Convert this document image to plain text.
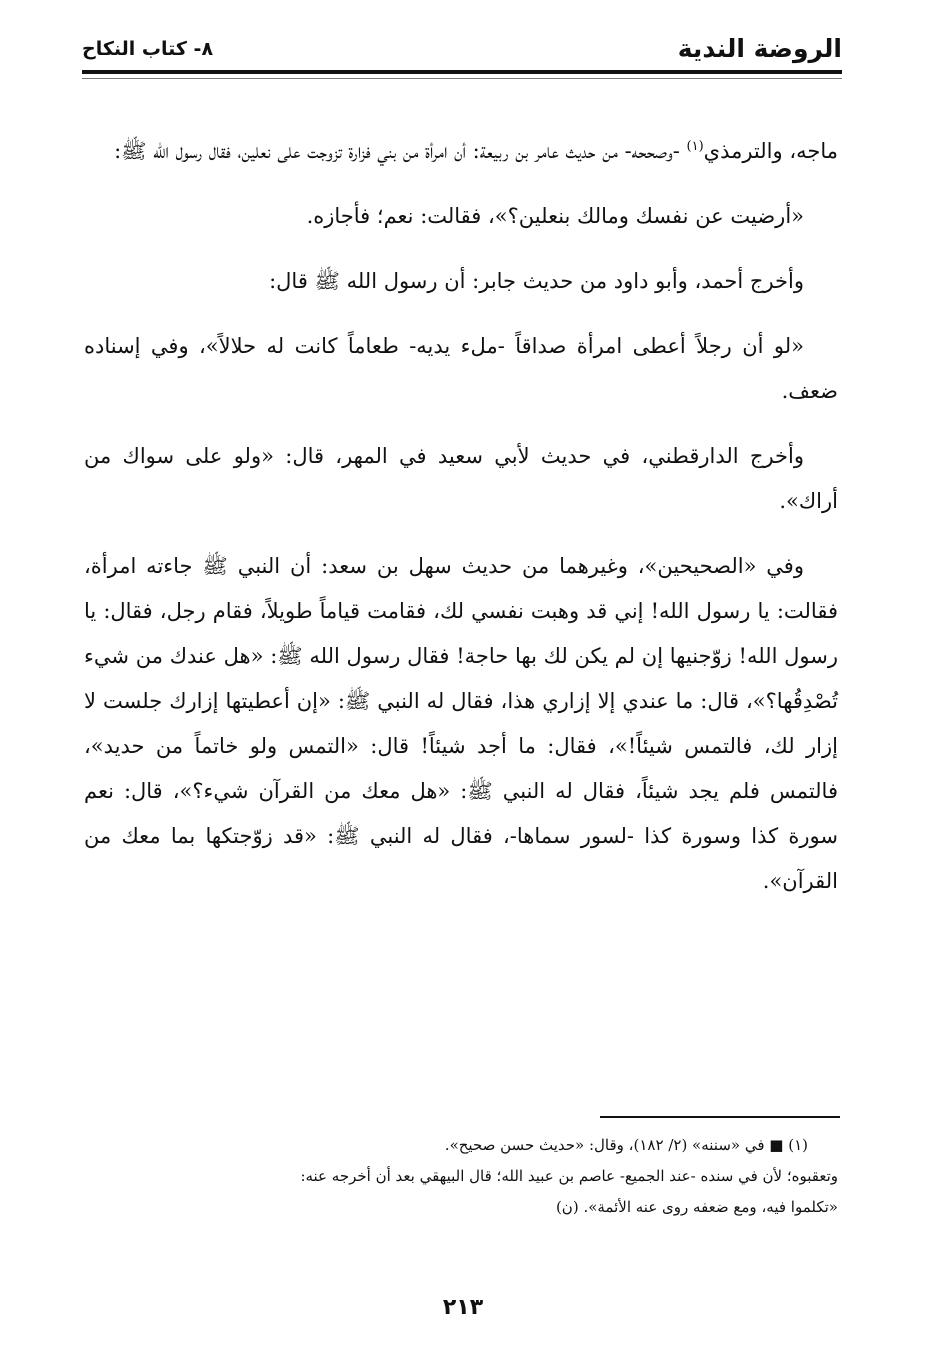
الروضة الندية
٨- كتاب النكاح

ماجه، والترمذي$^{(١)}$ -وصححه- من حديث عامر بن ربيعة: أن امرأة من بني فزارة تزوجت على نعلين، فقال رسول الله ﷺ:

«أرضيت عن نفسك ومالك بنعلين؟»، فقالت: نعم؛ فأجازه.

وأخرج أحمد، وأبو داود من حديث جابر: أن رسول الله ﷺ قال:

«لو أن رجلاً أعطى امرأة صداقاً -ملء يديه- طعاماً كانت له حلالاً»، وفي إسناده ضعف.

وأخرج الدارقطني، في حديث لأبي سعيد في المهر، قال: «ولو على سواك من أراك».

وفي «الصحيحين»، وغيرهما من حديث سهل بن سعد: أن النبي ﷺ جاءته امرأة، فقالت: يا رسول الله! إني قد وهبت نفسي لك، فقامت قياماً طويلاً، فقام رجل، فقال: يا رسول الله! زوّجنيها إن لم يكن لك بها حاجة! فقال رسول الله ﷺ: «هل عندك من شيء تُصْدِقُها؟»، قال: ما عندي إلا إزاري هذا، فقال له النبي ﷺ: «إن أعطيتها إزارك جلست لا إزار لك، فالتمس شيئاً!»، فقال: ما أجد شيئاً! قال: «التمس ولو خاتماً من حديد»، فالتمس فلم يجد شيئاً، فقال له النبي ﷺ: «هل معك من القرآن شيء؟»، قال: نعم سورة كذا وسورة كذا -لسور سماها-، فقال له النبي ﷺ: «قد زوّجتكها بما معك من القرآن».

(١) ■ في «سننه» (٢/ ١٨٢)، وقال: «حديث حسن صحيح».

وتعقبوه؛ لأن في سنده -عند الجميع- عاصم بن عبيد الله؛ قال البيهقي بعد أن أخرجه عنه:

«تكلموا فيه، ومع ضعفه روى عنه الأئمة». (ن)

٢١٣
